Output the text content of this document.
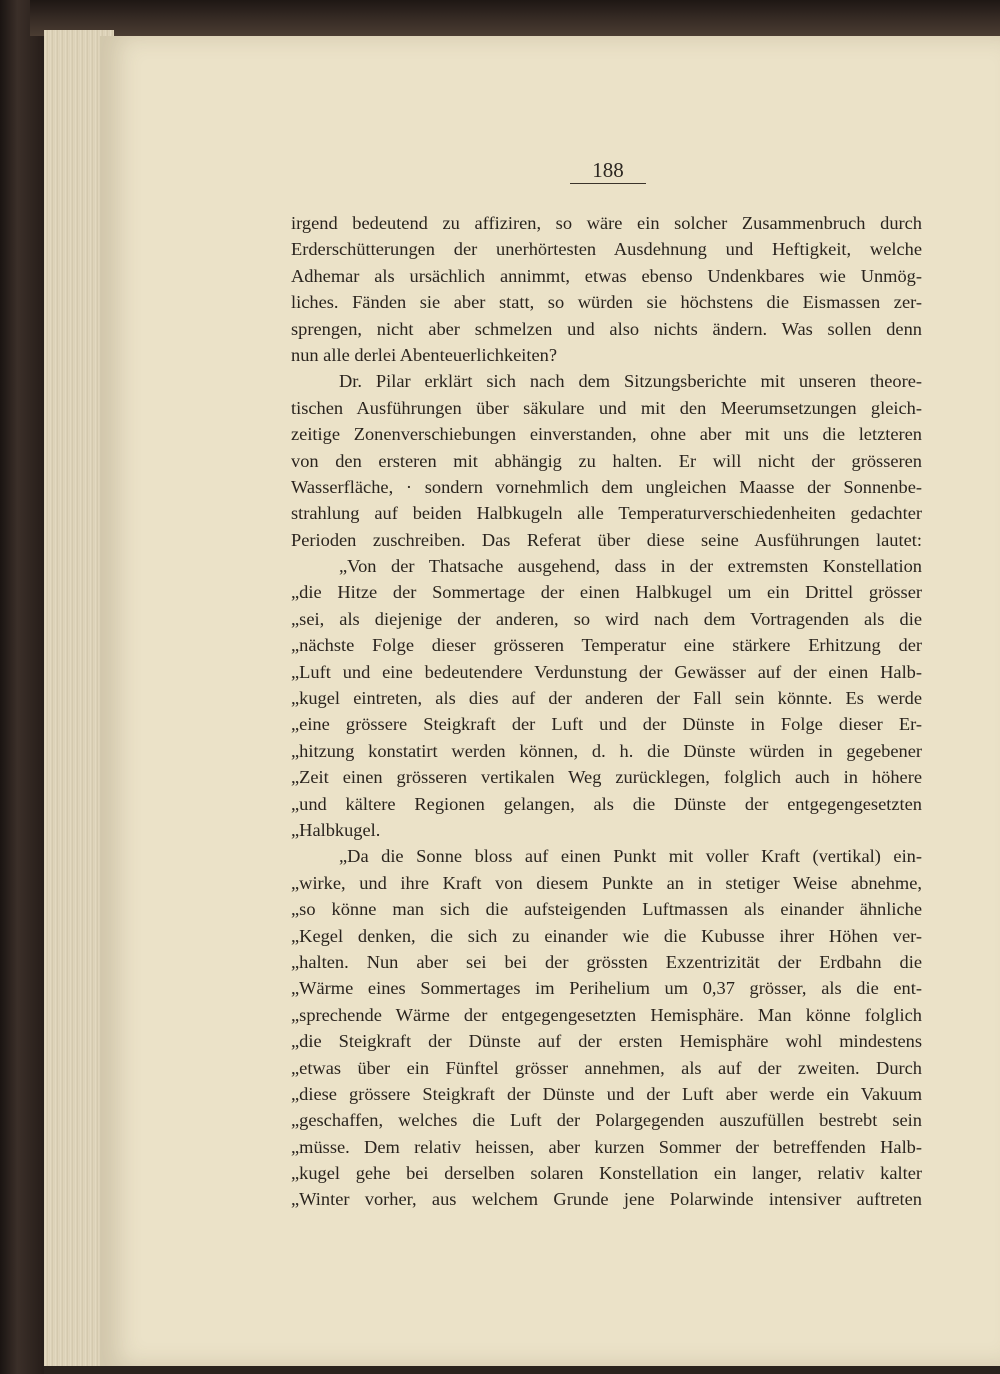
188
irgend bedeutend zu affiziren, so wäre ein solcher Zusammenbruch durch
Erderschütterungen der unerhörtesten Ausdehnung und Heftigkeit, welche
Adhemar als ursächlich annimmt, etwas ebenso Undenkbares wie Unmög-
liches. Fänden sie aber statt, so würden sie höchstens die Eismassen zer-
sprengen, nicht aber schmelzen und also nichts ändern. Was sollen denn
nun alle derlei Abenteuerlichkeiten?
Dr. Pilar erklärt sich nach dem Sitzungsberichte mit unseren theore-
tischen Ausführungen über säkulare und mit den Meerumsetzungen gleich-
zeitige Zonenverschiebungen einverstanden, ohne aber mit uns die letzteren
von den ersteren mit abhängig zu halten. Er will nicht der grösseren
Wasserfläche, · sondern vornehmlich dem ungleichen Maasse der Sonnenbe-
strahlung auf beiden Halbkugeln alle Temperaturverschiedenheiten gedachter
Perioden zuschreiben. Das Referat über diese seine Ausführungen lautet:
„Von der Thatsache ausgehend, dass in der extremsten Konstellation
„die Hitze der Sommertage der einen Halbkugel um ein Drittel grösser
„sei, als diejenige der anderen, so wird nach dem Vortragenden als die
„nächste Folge dieser grösseren Temperatur eine stärkere Erhitzung der
„Luft und eine bedeutendere Verdunstung der Gewässer auf der einen Halb-
„kugel eintreten, als dies auf der anderen der Fall sein könnte. Es werde
„eine grössere Steigkraft der Luft und der Dünste in Folge dieser Er-
„hitzung konstatirt werden können, d. h. die Dünste würden in gegebener
„Zeit einen grösseren vertikalen Weg zurücklegen, folglich auch in höhere
„und kältere Regionen gelangen, als die Dünste der entgegengesetzten
„Halbkugel.
„Da die Sonne bloss auf einen Punkt mit voller Kraft (vertikal) ein-
„wirke, und ihre Kraft von diesem Punkte an in stetiger Weise abnehme,
„so könne man sich die aufsteigenden Luftmassen als einander ähnliche
„Kegel denken, die sich zu einander wie die Kubusse ihrer Höhen ver-
„halten. Nun aber sei bei der grössten Exzentrizität der Erdbahn die
„Wärme eines Sommertages im Perihelium um 0,37 grösser, als die ent-
„sprechende Wärme der entgegengesetzten Hemisphäre. Man könne folglich
„die Steigkraft der Dünste auf der ersten Hemisphäre wohl mindestens
„etwas über ein Fünftel grösser annehmen, als auf der zweiten. Durch
„diese grössere Steigkraft der Dünste und der Luft aber werde ein Vakuum
„geschaffen, welches die Luft der Polargegenden auszufüllen bestrebt sein
„müsse. Dem relativ heissen, aber kurzen Sommer der betreffenden Halb-
„kugel gehe bei derselben solaren Konstellation ein langer, relativ kalter
„Winter vorher, aus welchem Grunde jene Polarwinde intensiver auftreten
